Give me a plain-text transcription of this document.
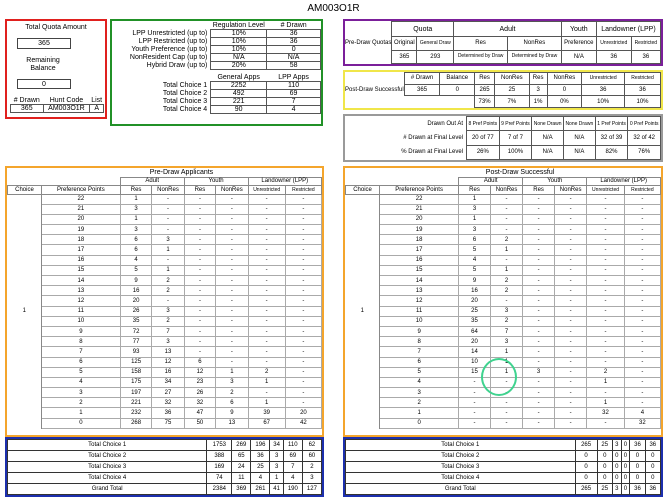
AM003O1R
Total Quota Amount
365
Remaining Balance
0
# Drawn	Hunt Code	List
365	AM003O1R	A
	Regulation Level	# Drawn
LPP Unrestricted (up to)	10%	36
LPP Restricted (up to)	10%	36
Youth Preference (up to)	10%	0
NonResident Cap (up to)	N/A	N/A
Hybrid Draw (up to)	20%	58
	General Apps	LPP Apps
Total Choice 1	2252	110
Total Choice 2	492	69
Total Choice 3	221	7
Total Choice 4	90	4
Pre-Draw Quotas	Quota		Adult		Youth	Landowner (LPP)	
	Original	General Draw	Res	NonRes	Preference	Unrestricted	Restricted
	365	293	Determined by Draw	Determined by Draw	N/A	36	36
Post-Draw Successful	# Drawn	Balance	Res	NonRes	Res	NonRes	Unrestricted	Restricted
	365	0	265	25	3	0	36	36
			73%	7%	1%	0%	10%	10%
Drawn Out At	8 Pref Points	9 Pref Points	None Drawn	None Drawn	1 Pref Points	0 Pref Points
# Drawn at Final Level	20 of 77	7 of 7	N/A	N/A	32 of 39	32 of 42
% Drawn at Final Level	26%	100%	N/A	N/A	82%	76%
	Pre-Draw Applicants						
		Adult		Youth		Landowner (LPP)	
Choice	Preference Points	Res	NonRes	Res	NonRes	Unrestricted	Restricted
1	22	1	-	-	-	-	-
	21	3	-	-	-	-	-
	20	1	-	-	-	-	-
	19	3	-	-	-	-	-
	18	6	3	-	-	-	-
	17	6	1	-	-	-	-
	16	4	-	-	-	-	-
	15	5	1	-	-	-	-
	14	9	2	-	-	-	-
	13	16	2	-	-	-	-
	12	20	-	-	-	-	-
	11	26	3	-	-	-	-
	10	35	2	-	-	-	-
	9	72	7	-	-	-	-
	8	77	3	-	-	-	-
	7	93	13	-	-	-	-
	6	125	12	6	-	-	-
	5	158	16	12	1	2	-
	4	175	34	23	3	1	-
	3	197	27	26	2	-	-
	2	221	32	32	6	1	-
	1	232	36	47	9	39	20
	0	268	75	50	13	67	42
Total Choice 1	1753	269	196	34	110	62
Total Choice 2	388	65	36	3	69	60
Total Choice 3	169	24	25	3	7	2
Total Choice 4	74	11	4	1	4	3
Grand Total	2384	369	261	41	190	127
	Post-Draw Successful						
		Adult		Youth		Landowner (LPP)	
Choice	Preference Points	Res	NonRes	Res	NonRes	Unrestricted	Restricted
1	22	1	-	-	-	-	-
	21	3	-	-	-	-	-
	20	1	-	-	-	-	-
	19	3	-	-	-	-	-
	18	6	2	-	-	-	-
	17	5	1	-	-	-	-
	16	4	-	-	-	-	-
	15	5	1	-	-	-	-
	14	9	2	-	-	-	-
	13	16	2	-	-	-	-
	12	20	-	-	-	-	-
	11	25	3	-	-	-	-
	10	35	2	-	-	-	-
	9	64	7	-	-	-	-
	8	20	3	-	-	-	-
	7	14	1	-	-	-	-
	6	10	1	-	-	-	-
	5	15	1	3	-	2	-
	4	-	-	-	-	1	-
	3	-	-	-	-	-	-
	2	-	-	-	-	1	-
	1	-	-	-	-	32	4
	0	-	-	-	-	-	32
Total Choice 1	265	25	3	0	36	36
Total Choice 2	0	0	0	0	0	0
Total Choice 3	0	0	0	0	0	0
Total Choice 4	0	0	0	0	0	0
Grand Total	265	25	3	0	36	36
